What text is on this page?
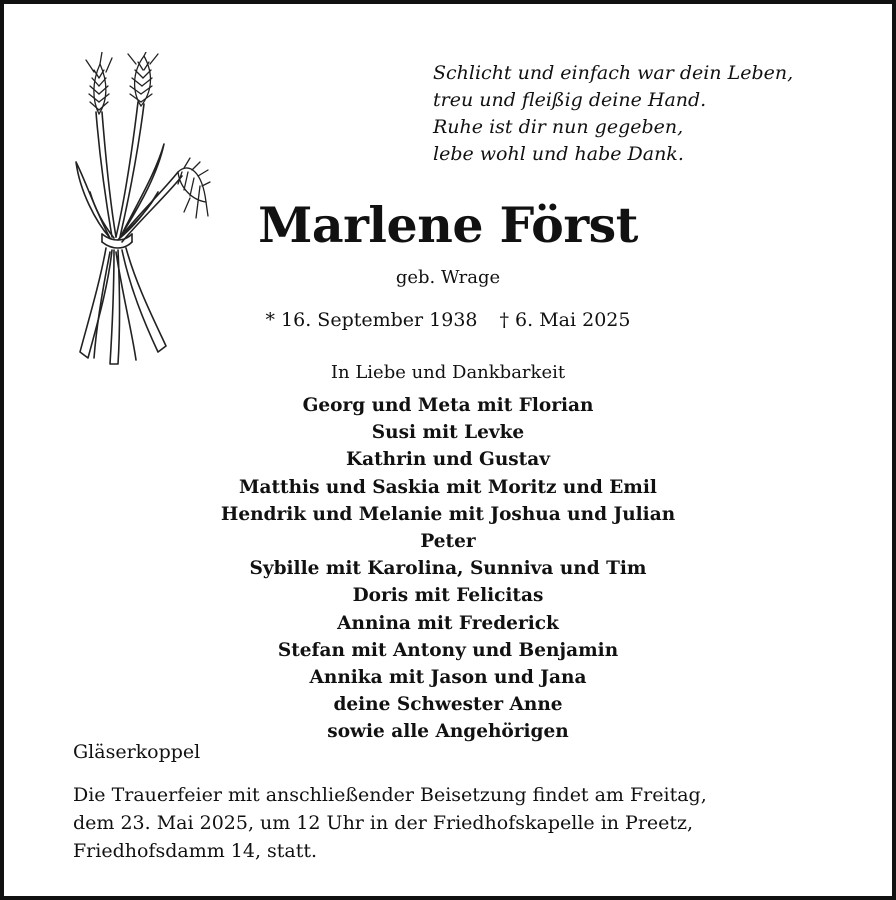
Schlicht und einfach war dein Leben,
treu und fleißig deine Hand.
Ruhe ist dir nun gegeben,
lebe wohl und habe Dank.
Marlene Först
geb. Wrage
* 16. September 1938 † 6. Mai 2025
In Liebe und Dankbarkeit
Georg und Meta mit Florian
Susi mit Levke
Kathrin und Gustav
Matthis und Saskia mit Moritz und Emil
Hendrik und Melanie mit Joshua und Julian
Peter
Sybille mit Karolina, Sunniva und Tim
Doris mit Felicitas
Annina mit Frederick
Stefan mit Antony und Benjamin
Annika mit Jason und Jana
deine Schwester Anne
sowie alle Angehörigen
Gläserkoppel
Die Trauerfeier mit anschließender Beisetzung findet am Freitag,
dem 23. Mai 2025, um 12 Uhr in der Friedhofskapelle in Preetz,
Friedhofsdamm 14, statt.
